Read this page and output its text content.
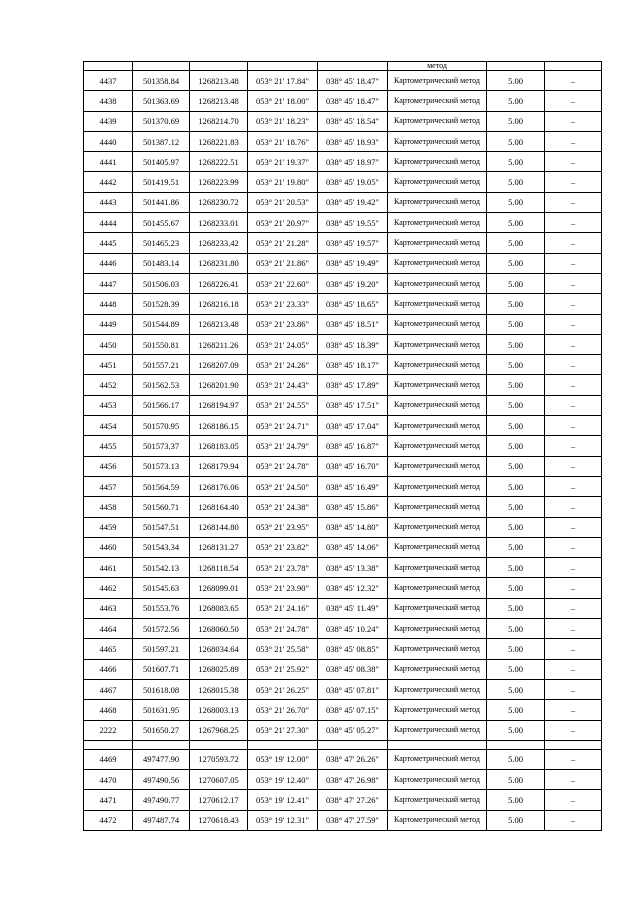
					метод		
4437	501358.84	1268213.48	053° 21' 17.84"	038° 45' 18.47"	Картометрический метод	5.00	–
4438	501363.69	1268213.48	053° 21' 18.00"	038° 45' 18.47"	Картометрический метод	5.00	–
4439	501370.69	1268214.70	053° 21' 18.23"	038° 45' 18.54"	Картометрический метод	5.00	–
4440	501387.12	1268221.83	053° 21' 18.76"	038° 45' 18.93"	Картометрический метод	5.00	–
4441	501405.97	1268222.51	053° 21' 19.37"	038° 45' 18.97"	Картометрический метод	5.00	–
4442	501419.51	1268223.99	053° 21' 19.80"	038° 45' 19.05"	Картометрический метод	5.00	–
4443	501441.86	1268230.72	053° 21' 20.53"	038° 45' 19.42"	Картометрический метод	5.00	–
4444	501455.67	1268233.01	053° 21' 20.97"	038° 45' 19.55"	Картометрический метод	5.00	–
4445	501465.23	1268233.42	053° 21' 21.28"	038° 45' 19.57"	Картометрический метод	5.00	–
4446	501483.14	1268231.80	053° 21' 21.86"	038° 45' 19.49"	Картометрический метод	5.00	–
4447	501506.03	1268226.41	053° 21' 22.60"	038° 45' 19.20"	Картометрический метод	5.00	–
4448	501528.39	1268216.18	053° 21' 23.33"	038° 45' 18.65"	Картометрический метод	5.00	–
4449	501544.89	1268213.48	053° 21' 23.86"	038° 45' 18.51"	Картометрический метод	5.00	–
4450	501550.81	1268211.26	053° 21' 24.05"	038° 45' 18.39"	Картометрический метод	5.00	–
4451	501557.21	1268207.09	053° 21' 24.26"	038° 45' 18.17"	Картометрический метод	5.00	–
4452	501562.53	1268201.90	053° 21' 24.43"	038° 45' 17.89"	Картометрический метод	5.00	–
4453	501566.17	1268194.97	053° 21' 24.55"	038° 45' 17.51"	Картометрический метод	5.00	–
4454	501570.95	1268186.15	053° 21' 24.71"	038° 45' 17.04"	Картометрический метод	5.00	–
4455	501573.37	1268183.05	053° 21' 24.79"	038° 45' 16.87"	Картометрический метод	5.00	–
4456	501573.13	1268179.94	053° 21' 24.78"	038° 45' 16.70"	Картометрический метод	5.00	–
4457	501564.59	1268176.06	053° 21' 24.50"	038° 45' 16.49"	Картометрический метод	5.00	–
4458	501560.71	1268164.40	053° 21' 24.38"	038° 45' 15.86"	Картометрический метод	5.00	–
4459	501547.51	1268144.80	053° 21' 23.95"	038° 45' 14.80"	Картометрический метод	5.00	–
4460	501543.34	1268131.27	053° 21' 23.82"	038° 45' 14.06"	Картометрический метод	5.00	–
4461	501542.13	1268118.54	053° 21' 23.78"	038° 45' 13.38"	Картометрический метод	5.00	–
4462	501545.63	1268099.01	053° 21' 23.90"	038° 45' 12.32"	Картометрический метод	5.00	–
4463	501553.76	1268083.65	053° 21' 24.16"	038° 45' 11.49"	Картометрический метод	5.00	–
4464	501572.56	1268060.50	053° 21' 24.78"	038° 45' 10.24"	Картометрический метод	5.00	–
4465	501597.21	1268034.64	053° 21' 25.58"	038° 45' 08.85"	Картометрический метод	5.00	–
4466	501607.71	1268025.89	053° 21' 25.92"	038° 45' 08.38"	Картометрический метод	5.00	–
4467	501618.08	1268015.38	053° 21' 26.25"	038° 45' 07.81"	Картометрический метод	5.00	–
4468	501631.95	1268003.13	053° 21' 26.70"	038° 45' 07.15"	Картометрический метод	5.00	–
2222	501650.27	1267968.25	053° 21' 27.30"	038° 45' 05.27"	Картометрический метод	5.00	–

4469	497477.90	1270593.72	053° 19' 12.00"	038° 47' 26.26"	Картометрический метод	5.00	–
4470	497490.56	1270607.05	053° 19' 12.40"	038° 47' 26.98"	Картометрический метод	5.00	–
4471	497490.77	1270612.17	053° 19' 12.41"	038° 47' 27.26"	Картометрический метод	5.00	–
4472	497487.74	1270618.43	053° 19' 12.31"	038° 47' 27.59"	Картометрический метод	5.00	–
